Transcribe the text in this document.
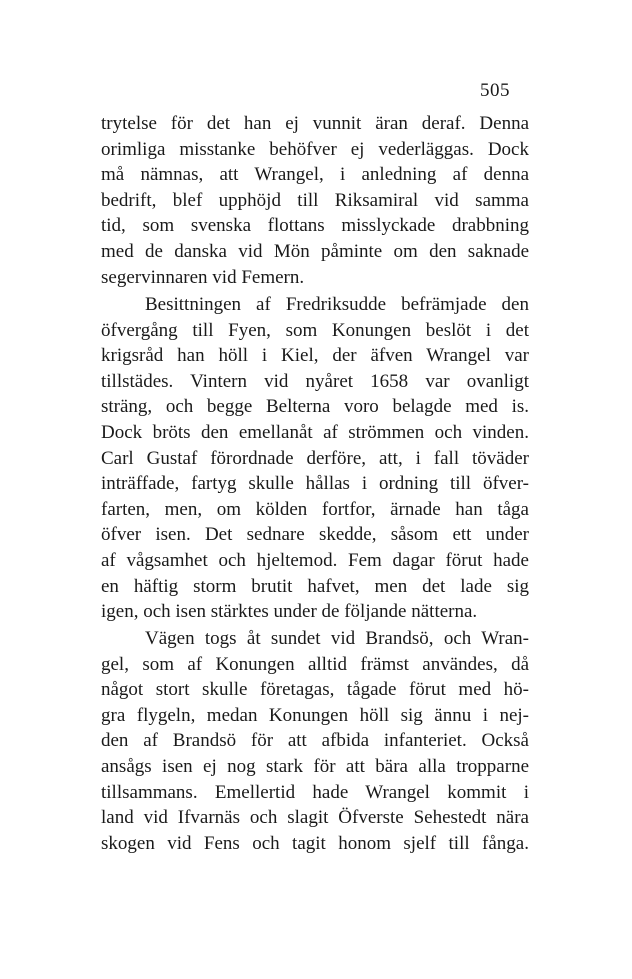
505
trytelse för det han ej vunnit äran deraf. Denna
orimliga misstanke behöfver ej vederläggas. Dock
må nämnas, att Wrangel, i anledning af denna
bedrift, blef upphöjd till Riksamiral vid samma
tid, som svenska flottans misslyckade drabbning
med de danska vid Mön påminte om den saknade
segervinnaren vid Femern.
Besittningen af Fredriksudde befrämjade den
öfvergång till Fyen, som Konungen beslöt i det
krigsråd han höll i Kiel, der äfven Wrangel var
tillstädes. Vintern vid nyåret 1658 var ovanligt
sträng, och begge Belterna voro belagde med is.
Dock bröts den emellanåt af strömmen och vinden.
Carl Gustaf förordnade derföre, att, i fall töväder
inträffade, fartyg skulle hållas i ordning till öfver-
farten, men, om kölden fortfor, ärnade han tåga
öfver isen. Det sednare skedde, såsom ett under
af vågsamhet och hjeltemod. Fem dagar förut hade
en häftig storm brutit hafvet, men det lade sig
igen, och isen stärktes under de följande nätterna.
Vägen togs åt sundet vid Brandsö, och Wran-
gel, som af Konungen alltid främst användes, då
något stort skulle företagas, tågade förut med hö-
gra flygeln, medan Konungen höll sig ännu i nej-
den af Brandsö för att afbida infanteriet. Också
ansågs isen ej nog stark för att bära alla tropparne
tillsammans. Emellertid hade Wrangel kommit i
land vid Ifvarnäs och slagit Öfverste Sehestedt nära
skogen vid Fens och tagit honom sjelf till fånga.
